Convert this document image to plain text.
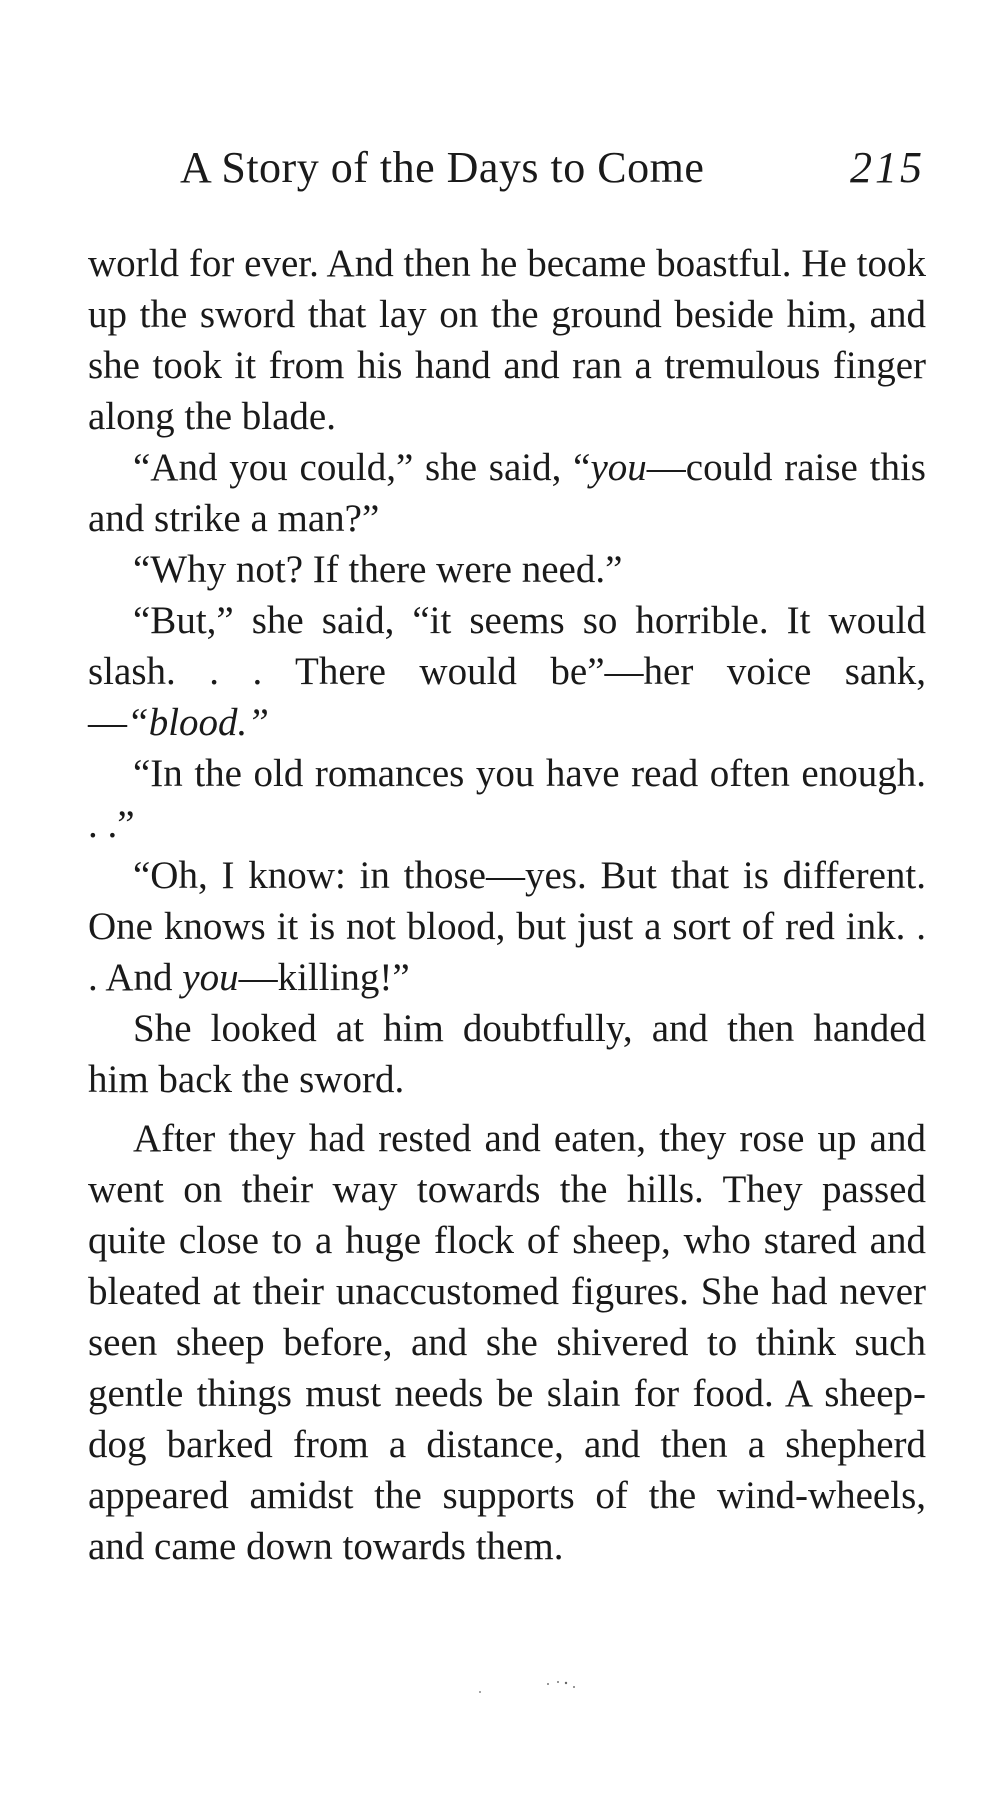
A Story of the Days to Come	215

world for ever. And then he became boastful. He took up the sword that lay on the ground beside him, and she took it from his hand and ran a tremulous finger along the blade.

“And you could,” she said, “you—could raise this and strike a man?”

“Why not? If there were need.”

“But,” she said, “it seems so horrible. It would slash. . . There would be”—her voice sank,—“blood.”

“In the old romances you have read often enough. . .”

“Oh, I know: in those—yes. But that is different. One knows it is not blood, but just a sort of red ink. . . And you—killing!”

She looked at him doubtfully, and then handed him back the sword.

After they had rested and eaten, they rose up and went on their way towards the hills. They passed quite close to a huge flock of sheep, who stared and bleated at their unaccustomed figures. She had never seen sheep before, and she shivered to think such gentle things must needs be slain for food. A sheep-dog barked from a distance, and then a shepherd appeared amidst the supports of the wind-wheels, and came down towards them.
